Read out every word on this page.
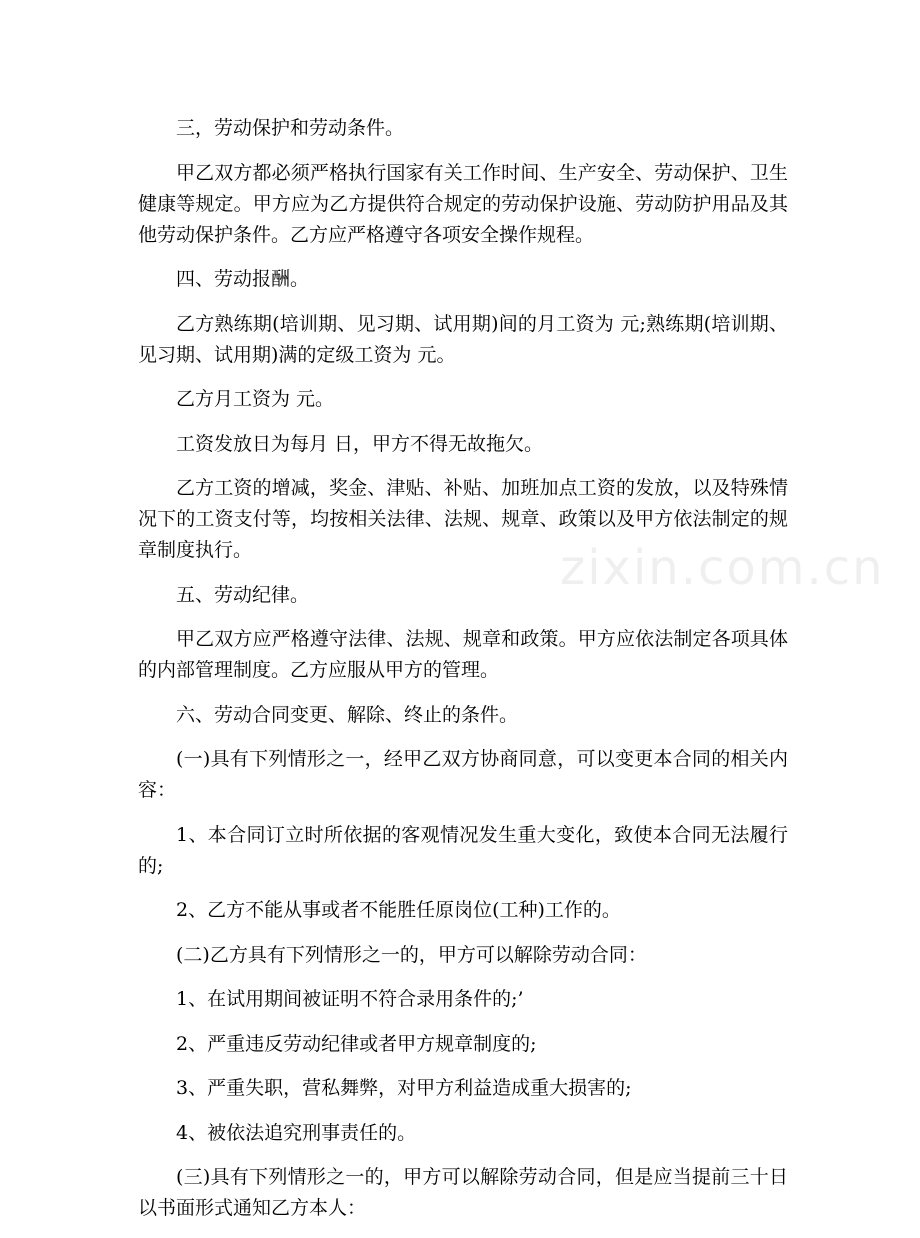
三，劳动保护和劳动条件。

甲乙双方都必须严格执行国家有关工作时间、生产安全、劳动保护、卫生健康等规定。甲方应为乙方提供符合规定的劳动保护设施、劳动防护用品及其他劳动保护条件。乙方应严格遵守各项安全操作规程。

四、劳动报酬。

乙方熟练期(培训期、见习期、试用期)间的月工资为 元;熟练期(培训期、见习期、试用期)满的定级工资为 元。

乙方月工资为 元。

工资发放日为每月 日，甲方不得无故拖欠。

乙方工资的增减，奖金、津贴、补贴、加班加点工资的发放，以及特殊情况下的工资支付等，均按相关法律、法规、规章、政策以及甲方依法制定的规章制度执行。

五、劳动纪律。

甲乙双方应严格遵守法律、法规、规章和政策。甲方应依法制定各项具体的内部管理制度。乙方应服从甲方的管理。

六、劳动合同变更、解除、终止的条件。

(一)具有下列情形之一，经甲乙双方协商同意，可以变更本合同的相关内容：

1、本合同订立时所依据的客观情况发生重大变化，致使本合同无法履行的;

2、乙方不能从事或者不能胜任原岗位(工种)工作的。

(二)乙方具有下列情形之一的，甲方可以解除劳动合同：

1、在试用期间被证明不符合录用条件的;’

2、严重违反劳动纪律或者甲方规章制度的;

3、严重失职，营私舞弊，对甲方利益造成重大损害的;

4、被依法追究刑事责任的。

(三)具有下列情形之一的，甲方可以解除劳动合同，但是应当提前三十日以书面形式通知乙方本人：

zixin.com.cn
